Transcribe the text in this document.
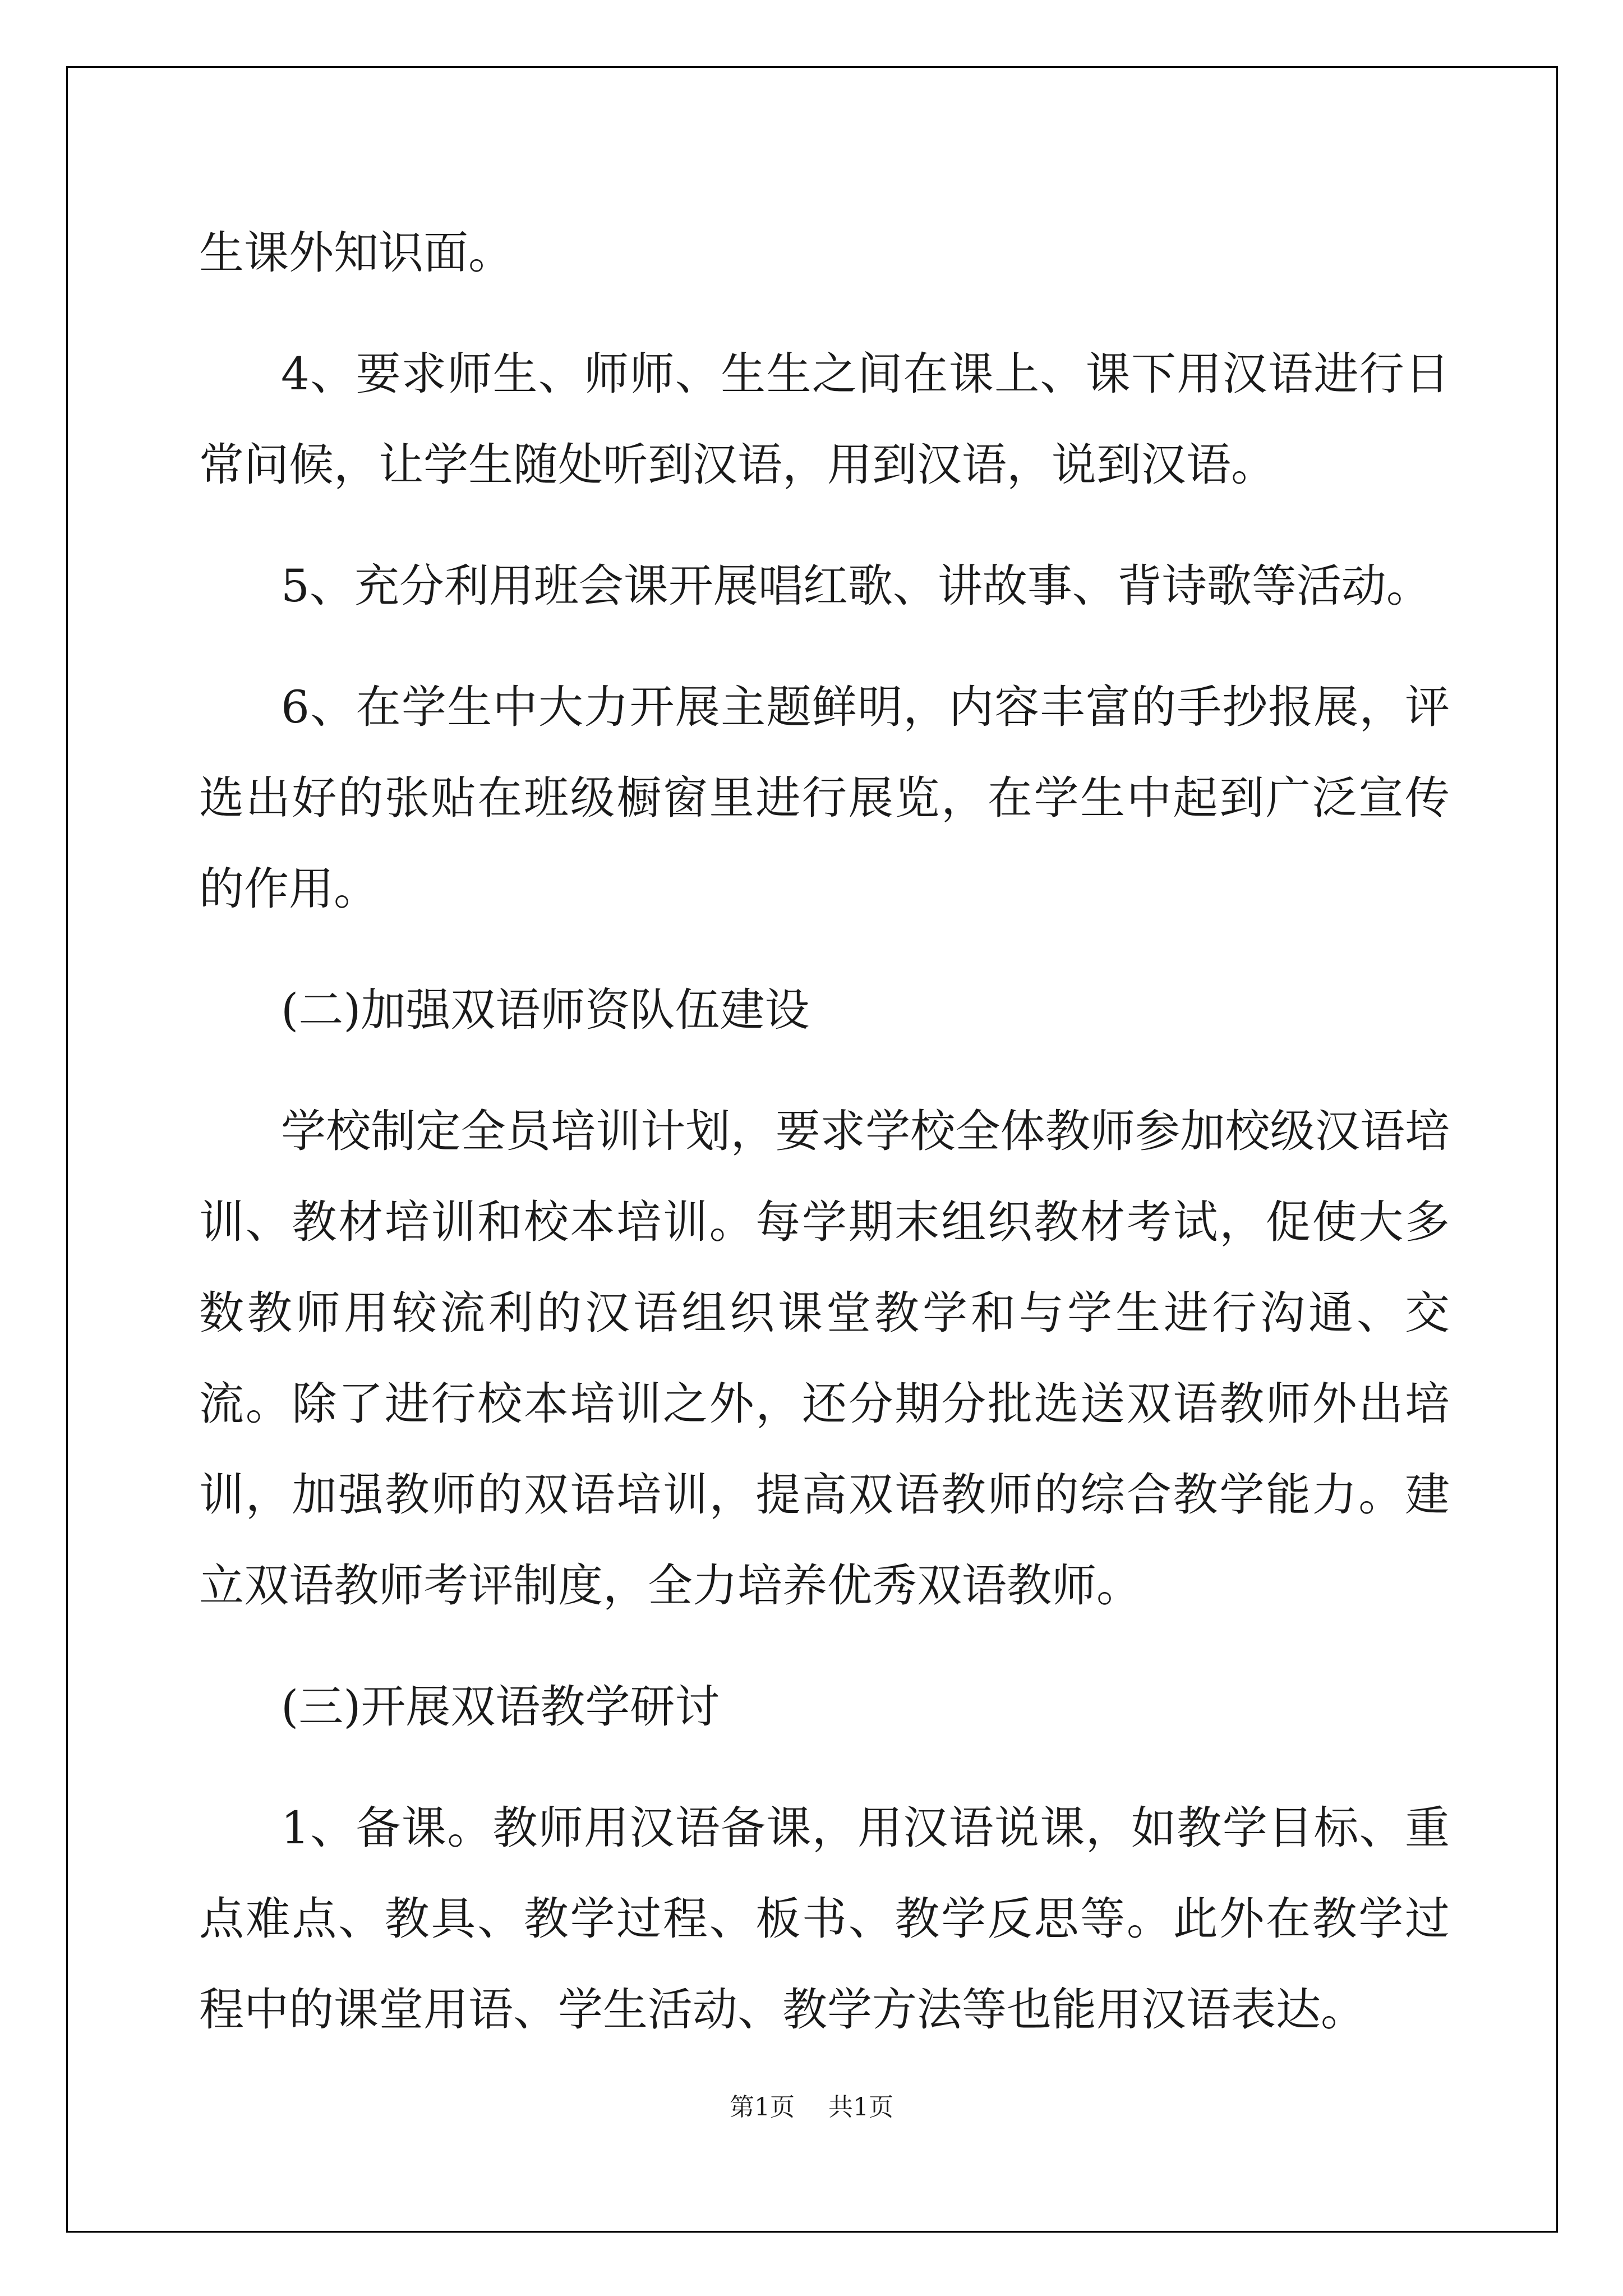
生课外知识面。

4、要求师生、师师、生生之间在课上、课下用汉语进行日常问候，让学生随处听到汉语，用到汉语，说到汉语。

5、充分利用班会课开展唱红歌、讲故事、背诗歌等活动。

6、在学生中大力开展主题鲜明，内容丰富的手抄报展，评选出好的张贴在班级橱窗里进行展览，在学生中起到广泛宣传的作用。

(二)加强双语师资队伍建设

学校制定全员培训计划，要求学校全体教师参加校级汉语培训、教材培训和校本培训。每学期末组织教材考试，促使大多数教师用较流利的汉语组织课堂教学和与学生进行沟通、交流。除了进行校本培训之外，还分期分批选送双语教师外出培训，加强教师的双语培训，提高双语教师的综合教学能力。建立双语教师考评制度，全力培养优秀双语教师。

(三)开展双语教学研讨

1、备课。教师用汉语备课，用汉语说课，如教学目标、重点难点、教具、教学过程、板书、教学反思等。此外在教学过程中的课堂用语、学生活动、教学方法等也能用汉语表达。

第1页 共1页
